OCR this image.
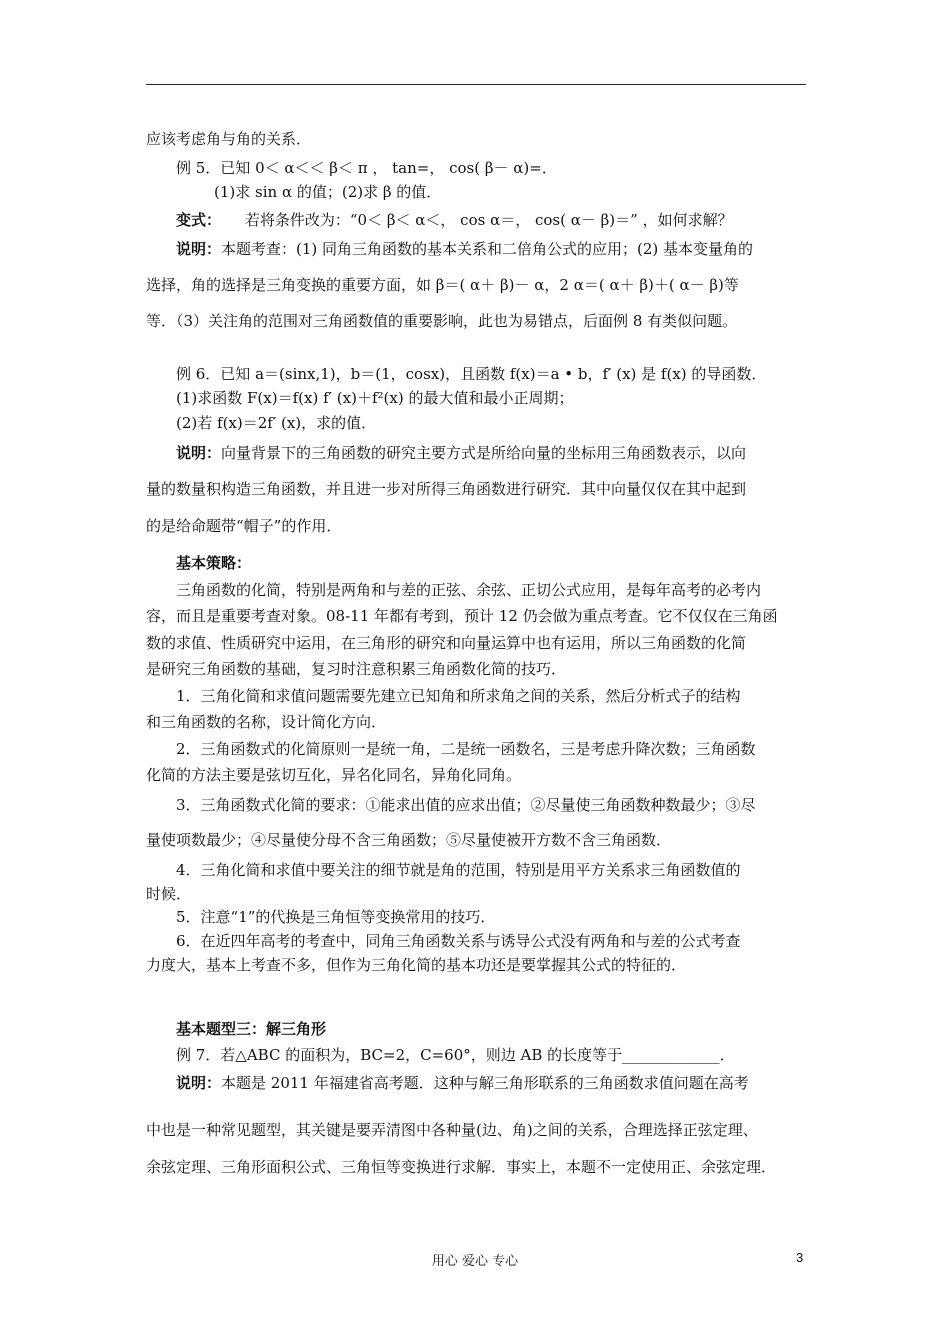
应该考虑角与角的关系．
例 5．已知 0＜ α＜＜ β＜ π ， tan=， cos( β－ α)=．
(1)求 sin α 的值；(2)求 β 的值．
变式： 若将条件改为：“0＜ β＜ α＜， cos α＝， cos( α－ β)＝” ，如何求解？
说明：本题考查：(1) 同角三角函数的基本关系和二倍角公式的应用；(2) 基本变量角的
选择，角的选择是三角变换的重要方面，如 β＝( α＋ β)－ α，2 α＝( α＋ β)＋( α－ β)等
等．（3）关注角的范围对三角函数值的重要影响，此也为易错点，后面例 8 有类似问题。
例 6．已知 a＝(sinx,1)，b＝(1，cosx)，且函数 f(x)＝a • b，f′ (x) 是 f(x) 的导函数．
(1)求函数 F(x)＝f(x) f′ (x)＋f²(x) 的最大值和最小正周期；
(2)若 f(x)＝2f′ (x)，求的值．
说明：向量背景下的三角函数的研究主要方式是所给向量的坐标用三角函数表示，以向
量的数量积构造三角函数，并且进一步对所得三角函数进行研究．其中向量仅仅在其中起到
的是给命题带“帽子”的作用．
基本策略：
三角函数的化简，特别是两角和与差的正弦、余弦、正切公式应用，是每年高考的必考内
容，而且是重要考查对象。08-11 年都有考到，预计 12 仍会做为重点考查。它不仅仅在三角函
数的求值、性质研究中运用，在三角形的研究和向量运算中也有运用，所以三角函数的化简
是研究三角函数的基础，复习时注意积累三角函数化简的技巧．
1．三角化简和求值问题需要先建立已知角和所求角之间的关系，然后分析式子的结构
和三角函数的名称，设计简化方向．
2．三角函数式的化简原则一是统一角，二是统一函数名，三是考虑升降次数；三角函数
化简的方法主要是弦切互化，异名化同名，异角化同角。
3．三角函数式化简的要求：①能求出值的应求出值；②尽量使三角函数种数最少；③尽
量使项数最少；④尽量使分母不含三角函数；⑤尽量使被开方数不含三角函数．
4．三角化简和求值中要关注的细节就是角的范围，特别是用平方关系求三角函数值的
时候．
5．注意“1”的代换是三角恒等变换常用的技巧．
6．在近四年高考的考查中，同角三角函数关系与诱导公式没有两角和与差的公式考查
力度大，基本上考查不多，但作为三角化简的基本功还是要掌握其公式的特征的．
基本题型三：解三角形
例 7．若△ABC 的面积为，BC=2，C=60°，则边 AB 的长度等于_____________．
说明：本题是 2011 年福建省高考题．这种与解三角形联系的三角函数求值问题在高考
中也是一种常见题型，其关键是要弄清图中各种量(边、角)之间的关系，合理选择正弦定理、
余弦定理、三角形面积公式、三角恒等变换进行求解．事实上，本题不一定使用正、余弦定理．
用心 爱心 专心	3
